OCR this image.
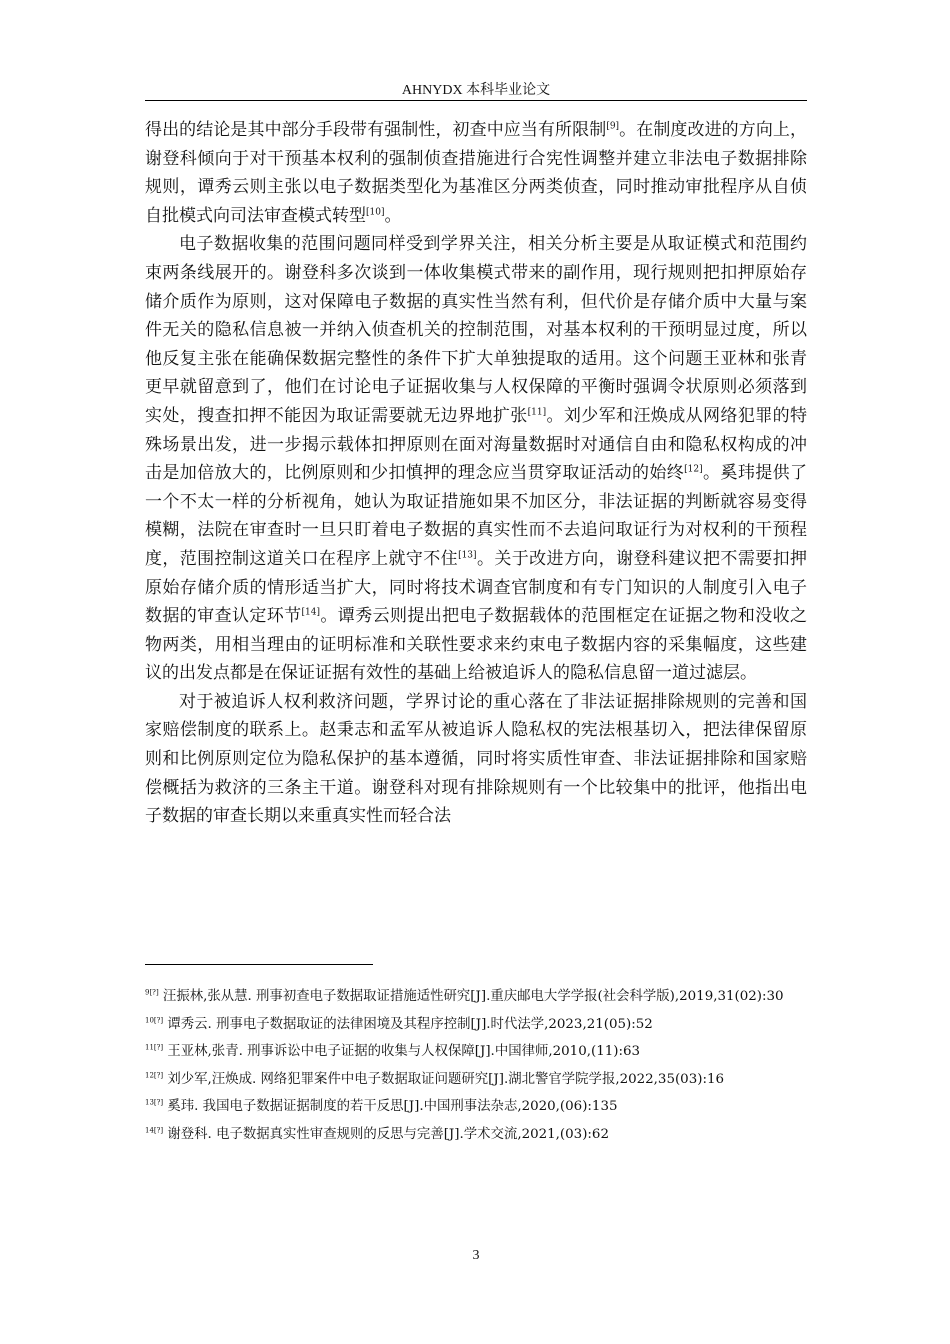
AHNYDX 本科毕业论文

得出的结论是其中部分手段带有强制性，初查中应当有所限制[9]。在制度改进的方向上，谢登科倾向于对干预基本权利的强制侦查措施进行合宪性调整并建立非法电子数据排除规则，谭秀云则主张以电子数据类型化为基准区分两类侦查，同时推动审批程序从自侦自批模式向司法审查模式转型[10]。

电子数据收集的范围问题同样受到学界关注，相关分析主要是从取证模式和范围约束两条线展开的。谢登科多次谈到一体收集模式带来的副作用，现行规则把扣押原始存储介质作为原则，这对保障电子数据的真实性当然有利，但代价是存储介质中大量与案件无关的隐私信息被一并纳入侦查机关的控制范围，对基本权利的干预明显过度，所以他反复主张在能确保数据完整性的条件下扩大单独提取的适用。这个问题王亚林和张青更早就留意到了，他们在讨论电子证据收集与人权保障的平衡时强调令状原则必须落到实处，搜查扣押不能因为取证需要就无边界地扩张[11]。刘少军和汪焕成从网络犯罪的特殊场景出发，进一步揭示载体扣押原则在面对海量数据时对通信自由和隐私权构成的冲击是加倍放大的，比例原则和少扣慎押的理念应当贯穿取证活动的始终[12]。奚玮提供了一个不太一样的分析视角，她认为取证措施如果不加区分，非法证据的判断就容易变得模糊，法院在审查时一旦只盯着电子数据的真实性而不去追问取证行为对权利的干预程度，范围控制这道关口在程序上就守不住[13]。关于改进方向，谢登科建议把不需要扣押原始存储介质的情形适当扩大，同时将技术调查官制度和有专门知识的人制度引入电子数据的审查认定环节[14]。谭秀云则提出把电子数据载体的范围框定在证据之物和没收之物两类，用相当理由的证明标准和关联性要求来约束电子数据内容的采集幅度，这些建议的出发点都是在保证证据有效性的基础上给被追诉人的隐私信息留一道过滤层。

对于被追诉人权利救济问题，学界讨论的重心落在了非法证据排除规则的完善和国家赔偿制度的联系上。赵秉志和孟军从被追诉人隐私权的宪法根基切入，把法律保留原则和比例原则定位为隐私保护的基本遵循，同时将实质性审查、非法证据排除和国家赔偿概括为救济的三条主干道。谢登科对现有排除规则有一个比较集中的批评，他指出电子数据的审查长期以来重真实性而轻合法

$^{9[?]}$ 汪振林,张从慧. 刑事初查电子数据取证措施适性研究[J].重庆邮电大学学报(社会科学版),2019,31(02):30

$^{10[?]}$ 谭秀云. 刑事电子数据取证的法律困境及其程序控制[J].时代法学,2023,21(05):52

$^{11[?]}$ 王亚林,张青. 刑事诉讼中电子证据的收集与人权保障[J].中国律师,2010,(11):63

$^{12[?]}$ 刘少军,汪焕成. 网络犯罪案件中电子数据取证问题研究[J].湖北警官学院学报,2022,35(03):16

$^{13[?]}$ 奚玮. 我国电子数据证据制度的若干反思[J].中国刑事法杂志,2020,(06):135

$^{14[?]}$ 谢登科. 电子数据真实性审查规则的反思与完善[J].学术交流,2021,(03):62

3
